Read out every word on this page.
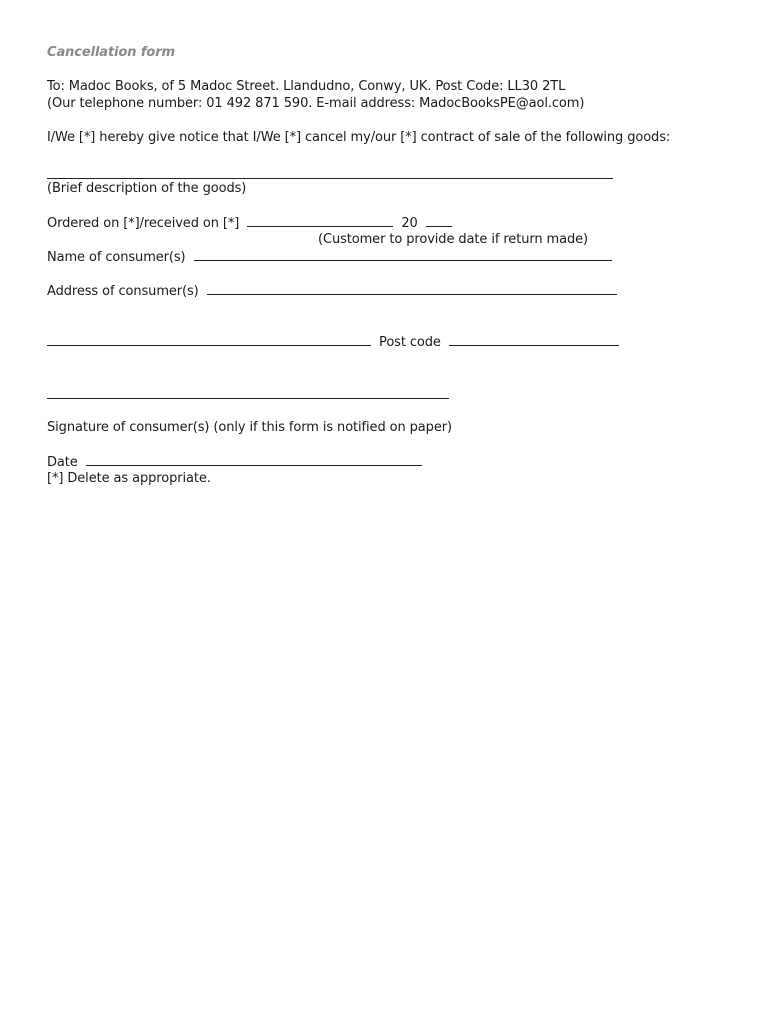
Cancellation form
To: Madoc Books, of 5 Madoc Street. Llandudno, Conwy, UK. Post Code: LL30 2TL
(Our telephone number: 01 492 871 590. E-mail address: MadocBooksPE@aol.com)
I/We [*] hereby give notice that I/We [*] cancel my/our [*] contract of sale of the following goods:
(Brief description of the goods)
Ordered on [*]/received on [*]	20
(Customer to provide date if return made)
Name of consumer(s)
Address of consumer(s)
Post code
Signature of consumer(s) (only if this form is notified on paper)
Date
[*] Delete as appropriate.
